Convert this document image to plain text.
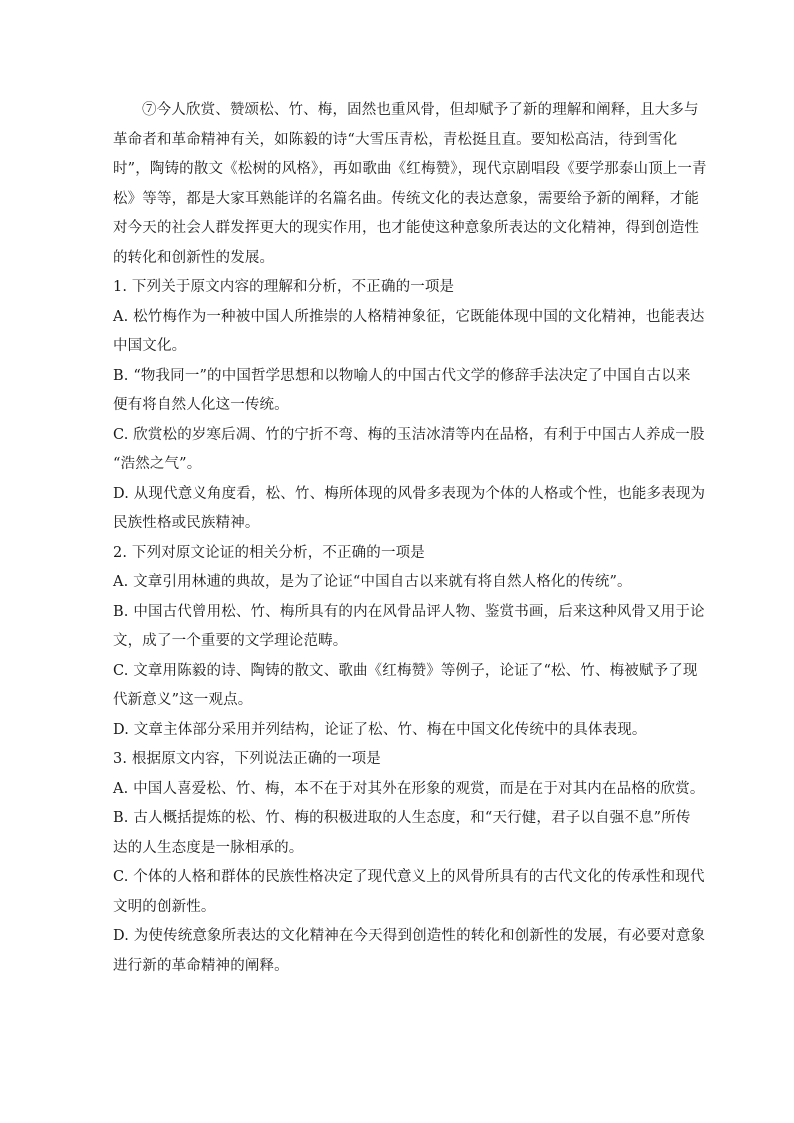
⑦今人欣赏、赞颂松、竹、梅，固然也重风骨，但却赋予了新的理解和阐释，且大多与
革命者和革命精神有关，如陈毅的诗“大雪压青松，青松挺且直。要知松高洁，待到雪化
时”，陶铸的散文《松树的风格》，再如歌曲《红梅赞》，现代京剧唱段《要学那泰山顶上一青
松》等等，都是大家耳熟能详的名篇名曲。传统文化的表达意象，需要给予新的阐释，才能
对今天的社会人群发挥更大的现实作用，也才能使这种意象所表达的文化精神，得到创造性
的转化和创新性的发展。
1. 下列关于原文内容的理解和分析，不正确的一项是
A. 松竹梅作为一种被中国人所推崇的人格精神象征，它既能体现中国的文化精神，也能表达
中国文化。
B. “物我同一”的中国哲学思想和以物喻人的中国古代文学的修辞手法决定了中国自古以来
便有将自然人化这一传统。
C. 欣赏松的岁寒后凋、竹的宁折不弯、梅的玉洁冰清等内在品格，有利于中国古人养成一股
“浩然之气”。
D. 从现代意义角度看，松、竹、梅所体现的风骨多表现为个体的人格或个性，也能多表现为
民族性格或民族精神。
2. 下列对原文论证的相关分析，不正确的一项是
A. 文章引用林逋的典故，是为了论证“中国自古以来就有将自然人格化的传统”。
B. 中国古代曾用松、竹、梅所具有的内在风骨品评人物、鉴赏书画，后来这种风骨又用于论
文，成了一个重要的文学理论范畴。
C. 文章用陈毅的诗、陶铸的散文、歌曲《红梅赞》等例子，论证了“松、竹、梅被赋予了现
代新意义”这一观点。
D. 文章主体部分采用并列结构，论证了松、竹、梅在中国文化传统中的具体表现。
3. 根据原文内容，下列说法正确的一项是
A. 中国人喜爱松、竹、梅，本不在于对其外在形象的观赏，而是在于对其内在品格的欣赏。
B. 古人概括提炼的松、竹、梅的积极进取的人生态度，和“天行健，君子以自强不息”所传
达的人生态度是一脉相承的。
C. 个体的人格和群体的民族性格决定了现代意义上的风骨所具有的古代文化的传承性和现代
文明的创新性。
D. 为使传统意象所表达的文化精神在今天得到创造性的转化和创新性的发展，有必要对意象
进行新的革命精神的阐释。
